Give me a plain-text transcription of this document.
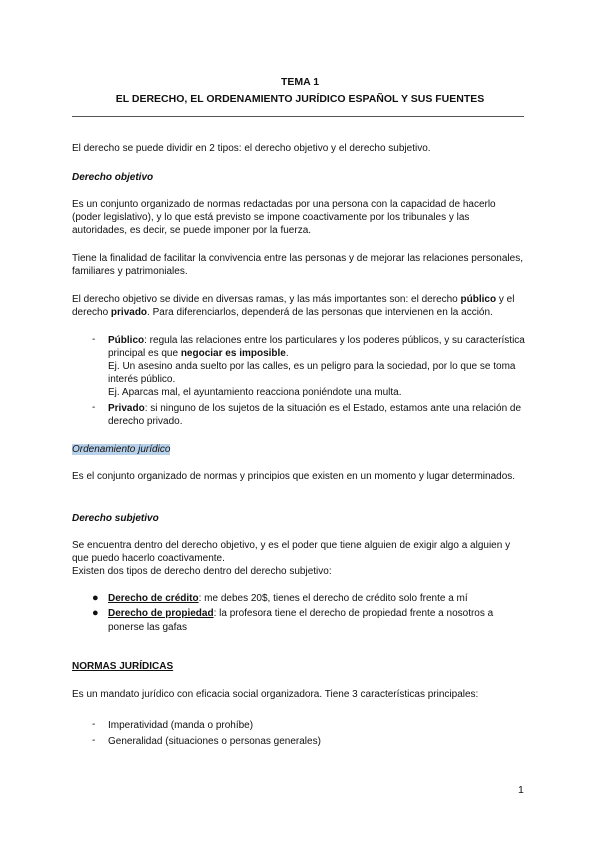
TEMA 1
EL DERECHO, EL ORDENAMIENTO JURÍDICO ESPAÑOL Y SUS FUENTES

El derecho se puede dividir en 2 tipos: el derecho objetivo y el derecho subjetivo.

Derecho objetivo

Es un conjunto organizado de normas redactadas por una persona con la capacidad de hacerlo

(poder legislativo), y lo que está previsto se impone coactivamente por los tribunales y las

autoridades, es decir, se puede imponer por la fuerza.

Tiene la finalidad de facilitar la convivencia entre las personas y de mejorar las relaciones personales,

familiares y patrimoniales.

El derecho objetivo se divide en diversas ramas, y las más importantes son: el derecho público y el

derecho privado. Para diferenciarlos, dependerá de las personas que intervienen en la acción.

- Público: regula las relaciones entre los particulares y los poderes públicos, y su característica

principal es que negociar es imposible.

Ej. Un asesino anda suelto por las calles, es un peligro para la sociedad, por lo que se toma

interés público.

Ej. Aparcas mal, el ayuntamiento reacciona poniéndote una multa.

- Privado: si ninguno de los sujetos de la situación es el Estado, estamos ante una relación de

derecho privado.

Ordenamiento jurídico

Es el conjunto organizado de normas y principios que existen en un momento y lugar determinados.

Derecho subjetivo

Se encuentra dentro del derecho objetivo, y es el poder que tiene alguien de exigir algo a alguien y

que puedo hacerlo coactivamente.

Existen dos tipos de derecho dentro del derecho subjetivo:

● Derecho de crédito: me debes 20$, tienes el derecho de crédito solo frente a mí

● Derecho de propiedad: la profesora tiene el derecho de propiedad frente a nosotros a

ponerse las gafas

NORMAS JURÍDICAS

Es un mandato jurídico con eficacia social organizadora. Tiene 3 características principales:

- Imperatividad (manda o prohíbe)

- Generalidad (situaciones o personas generales)

1
